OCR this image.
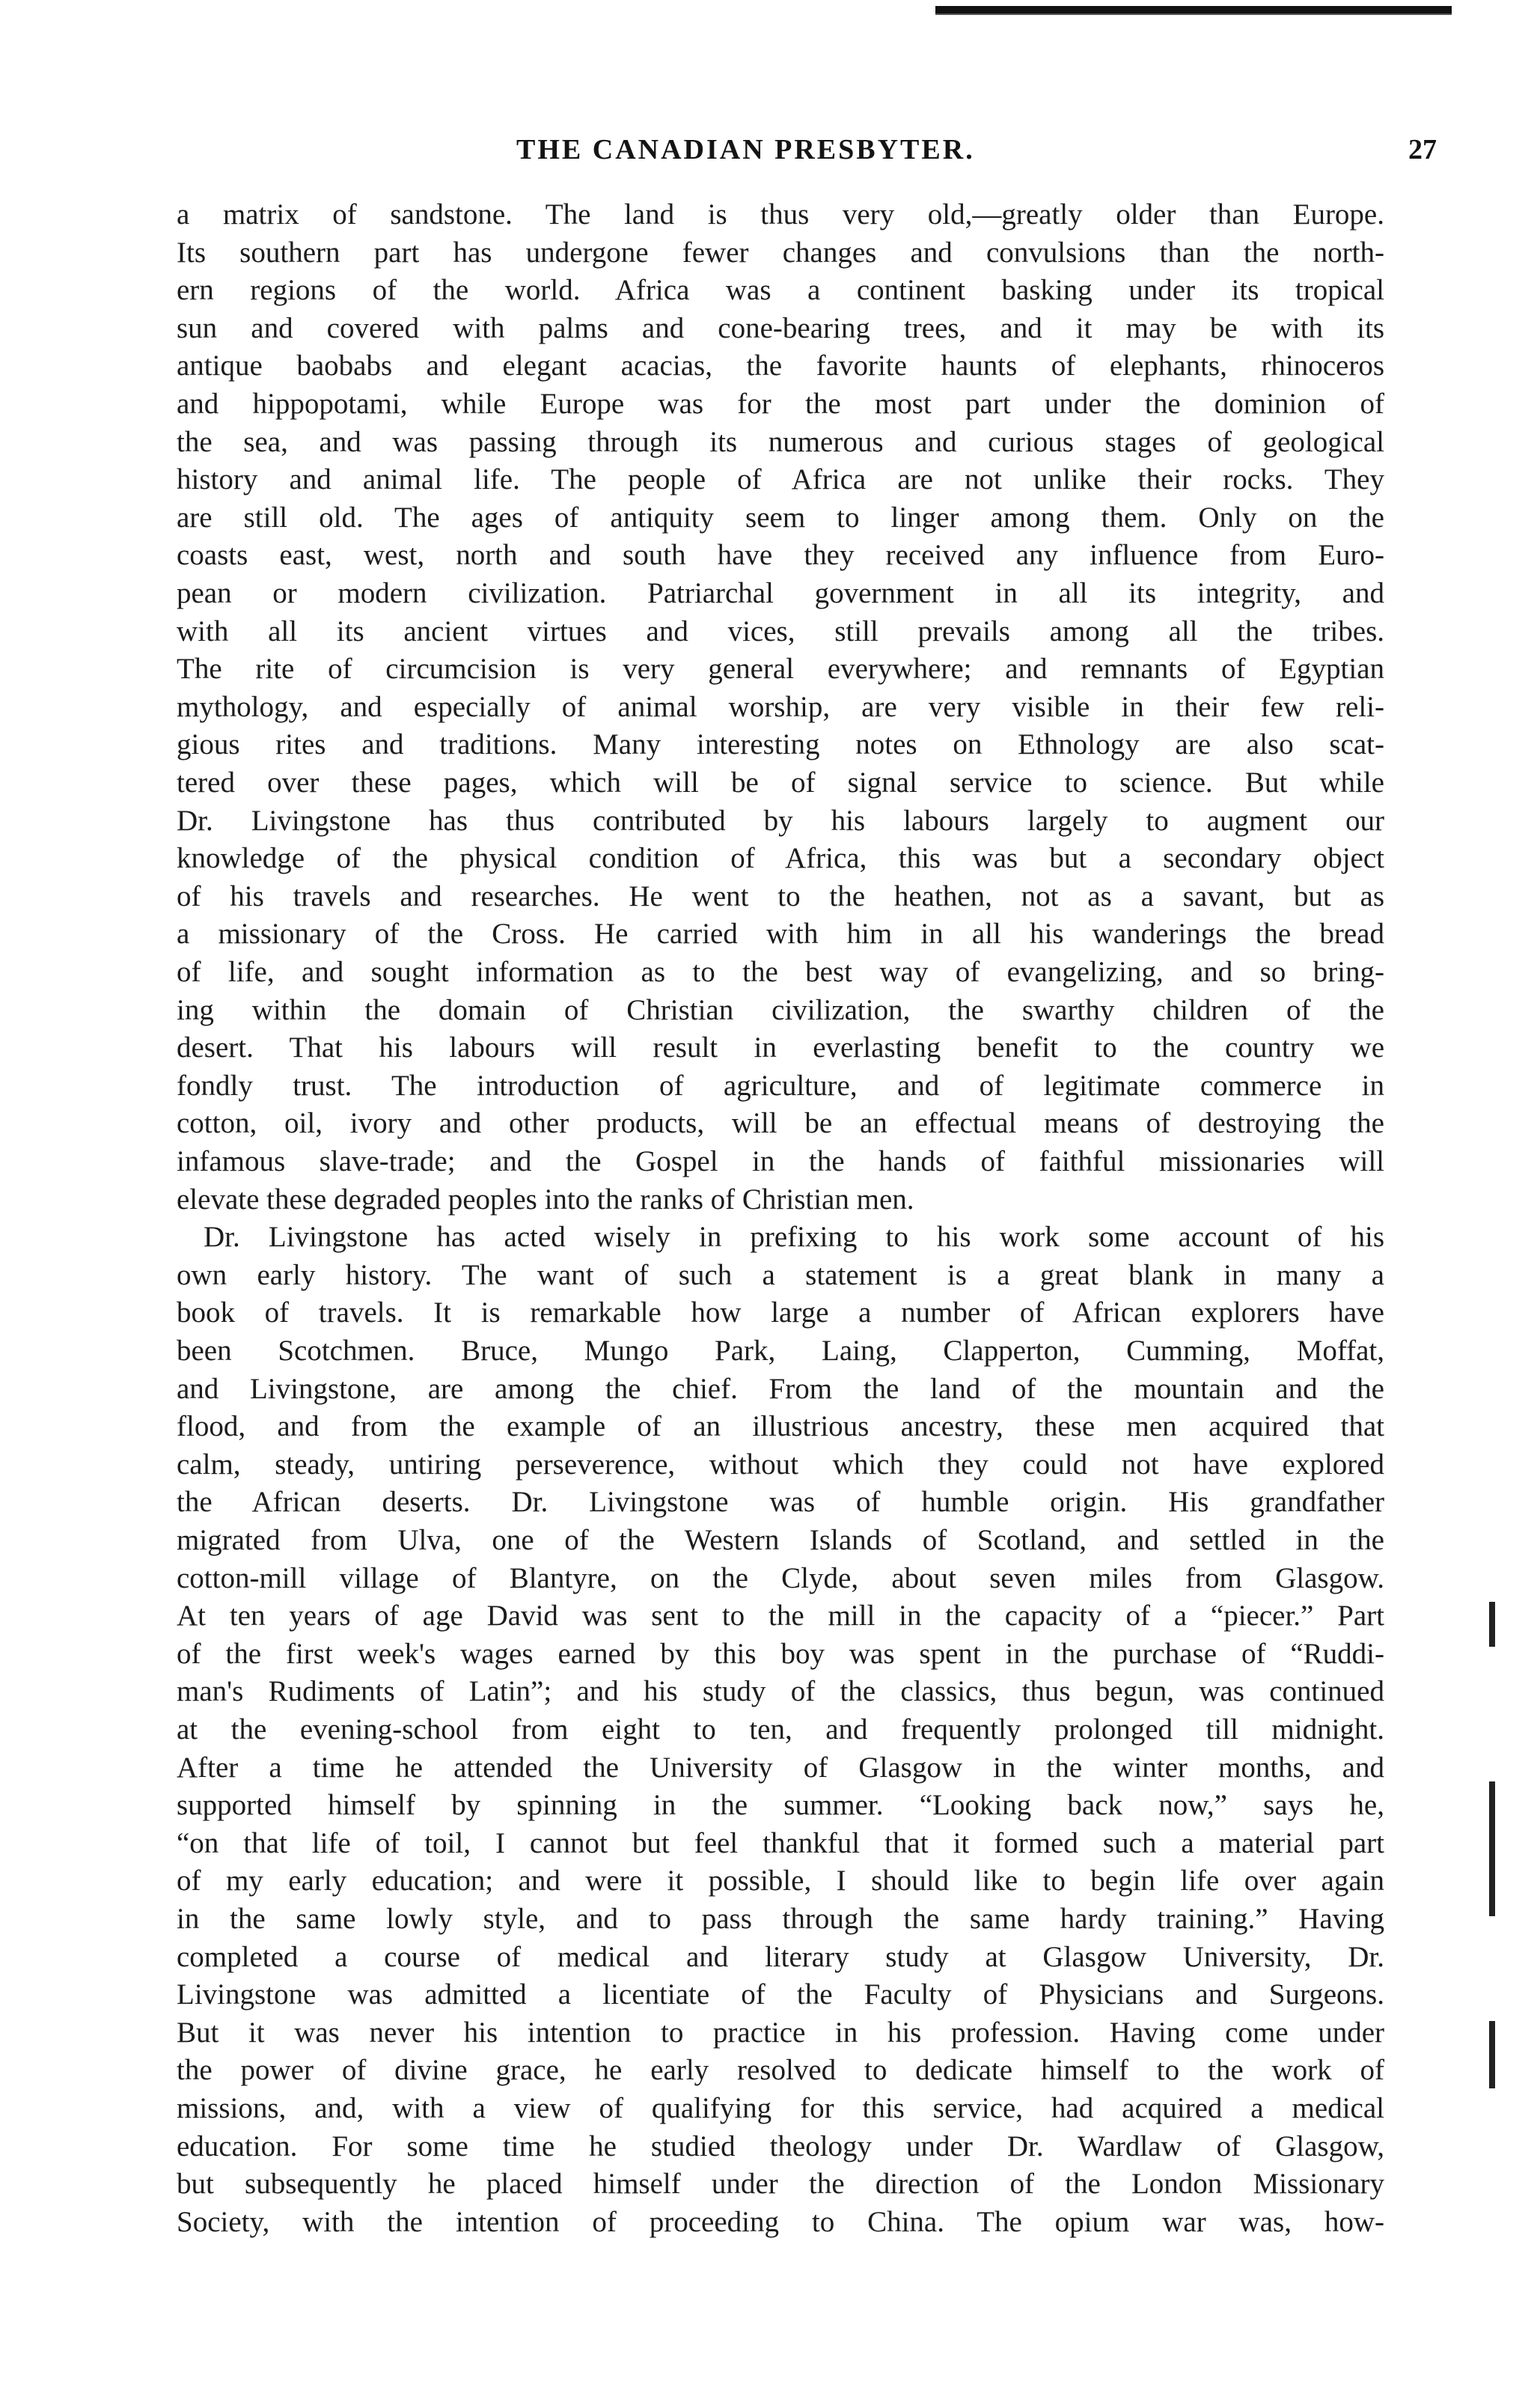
THE CANADIAN PRESBYTER.	27
a matrix of sandstone. The land is thus very old,—greatly older than Europe.
Its southern part has undergone fewer changes and convulsions than the north-
ern regions of the world. Africa was a continent basking under its tropical
sun and covered with palms and cone-bearing trees, and it may be with its
antique baobabs and elegant acacias, the favorite haunts of elephants, rhinoceros
and hippopotami, while Europe was for the most part under the dominion of
the sea, and was passing through its numerous and curious stages of geological
history and animal life. The people of Africa are not unlike their rocks. They
are still old. The ages of antiquity seem to linger among them. Only on the
coasts east, west, north and south have they received any influence from Euro-
pean or modern civilization. Patriarchal government in all its integrity, and
with all its ancient virtues and vices, still prevails among all the tribes.
The rite of circumcision is very general everywhere; and remnants of Egyptian
mythology, and especially of animal worship, are very visible in their few reli-
gious rites and traditions. Many interesting notes on Ethnology are also scat-
tered over these pages, which will be of signal service to science. But while
Dr. Livingstone has thus contributed by his labours largely to augment our
knowledge of the physical condition of Africa, this was but a secondary object
of his travels and researches. He went to the heathen, not as a savant, but as
a missionary of the Cross. He carried with him in all his wanderings the bread
of life, and sought information as to the best way of evangelizing, and so bring-
ing within the domain of Christian civilization, the swarthy children of the
desert. That his labours will result in everlasting benefit to the country we
fondly trust. The introduction of agriculture, and of legitimate commerce in
cotton, oil, ivory and other products, will be an effectual means of destroying the
infamous slave-trade; and the Gospel in the hands of faithful missionaries will
elevate these degraded peoples into the ranks of Christian men.
Dr. Livingstone has acted wisely in prefixing to his work some account of his
own early history. The want of such a statement is a great blank in many a
book of travels. It is remarkable how large a number of African explorers have
been Scotchmen. Bruce, Mungo Park, Laing, Clapperton, Cumming, Moffat,
and Livingstone, are among the chief. From the land of the mountain and the
flood, and from the example of an illustrious ancestry, these men acquired that
calm, steady, untiring perseverence, without which they could not have explored
the African deserts. Dr. Livingstone was of humble origin. His grandfather
migrated from Ulva, one of the Western Islands of Scotland, and settled in the
cotton-mill village of Blantyre, on the Clyde, about seven miles from Glasgow.
At ten years of age David was sent to the mill in the capacity of a “piecer.” Part
of the first week's wages earned by this boy was spent in the purchase of “Ruddi-
man's Rudiments of Latin”; and his study of the classics, thus begun, was continued
at the evening-school from eight to ten, and frequently prolonged till midnight.
After a time he attended the University of Glasgow in the winter months, and
supported himself by spinning in the summer. “Looking back now,” says he,
“on that life of toil, I cannot but feel thankful that it formed such a material part
of my early education; and were it possible, I should like to begin life over again
in the same lowly style, and to pass through the same hardy training.” Having
completed a course of medical and literary study at Glasgow University, Dr.
Livingstone was admitted a licentiate of the Faculty of Physicians and Surgeons.
But it was never his intention to practice in his profession. Having come under
the power of divine grace, he early resolved to dedicate himself to the work of
missions, and, with a view of qualifying for this service, had acquired a medical
education. For some time he studied theology under Dr. Wardlaw of Glasgow,
but subsequently he placed himself under the direction of the London Missionary
Society, with the intention of proceeding to China. The opium war was, how-
